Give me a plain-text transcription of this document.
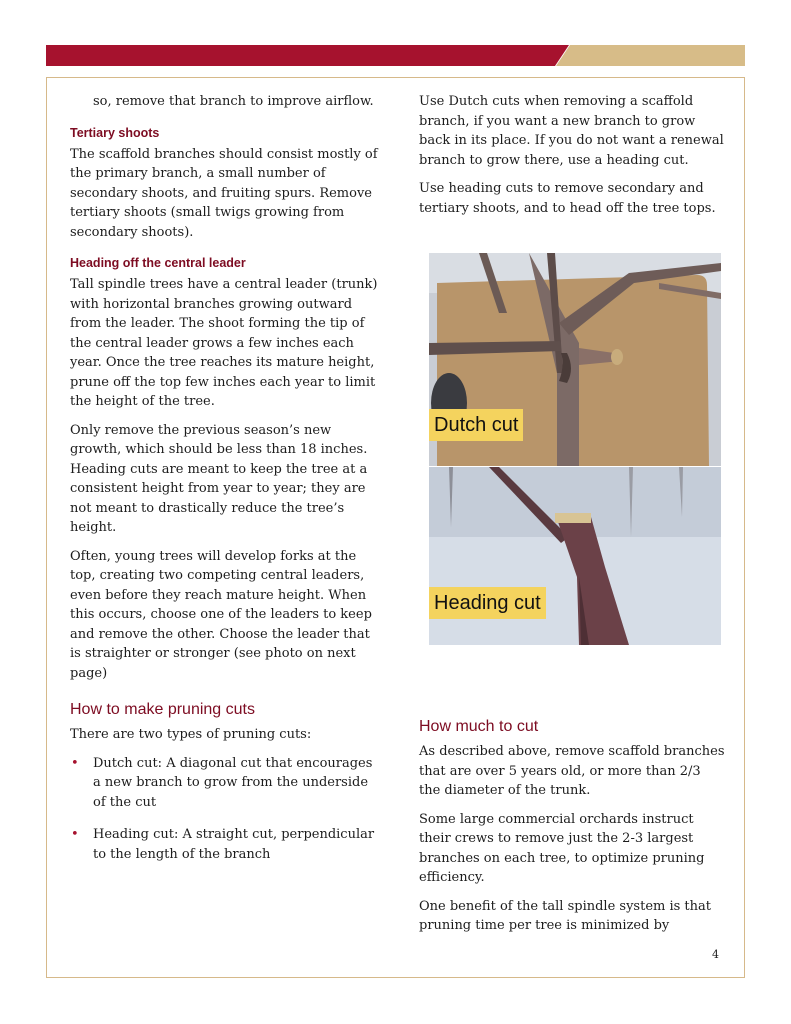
so, remove that branch to improve airflow.

Tertiary shoots

The scaffold branches should consist mostly of the primary branch, a small number of secondary shoots, and fruiting spurs. Remove tertiary shoots (small twigs growing from secondary shoots).

Heading off the central leader

Tall spindle trees have a central leader (trunk) with horizontal branches growing outward from the leader. The shoot forming the tip of the central leader grows a few inches each year. Once the tree reaches its mature height, prune off the top few inches each year to limit the height of the tree.

Only remove the previous season’s new growth, which should be less than 18 inches. Heading cuts are meant to keep the tree at a consistent height from year to year; they are not meant to drastically reduce the tree’s height.

Often, young trees will develop forks at the top, creating two competing central leaders, even before they reach mature height. When this occurs, choose one of the leaders to keep and remove the other. Choose the leader that is straighter or stronger (see photo on next page)

How to make pruning cuts

There are two types of pruning cuts:

• Dutch cut: A diagonal cut that encourages a new branch to grow from the underside of the cut
• Heading cut: A straight cut, perpendicular to the length of the branch

Use Dutch cuts when removing a scaffold branch, if you want a new branch to grow back in its place. If you do not want a renewal branch to grow there, use a heading cut.

Use heading cuts to remove secondary and tertiary shoots, and to head off the tree tops.

Dutch cut
Heading cut
How much to cut

As described above, remove scaffold branches that are over 5 years old, or more than 2/3 the diameter of the trunk.

Some large commercial orchards instruct their crews to remove just the 2-3 largest branches on each tree, to optimize pruning efficiency.

One benefit of the tall spindle system is that pruning time per tree is minimized by

4
